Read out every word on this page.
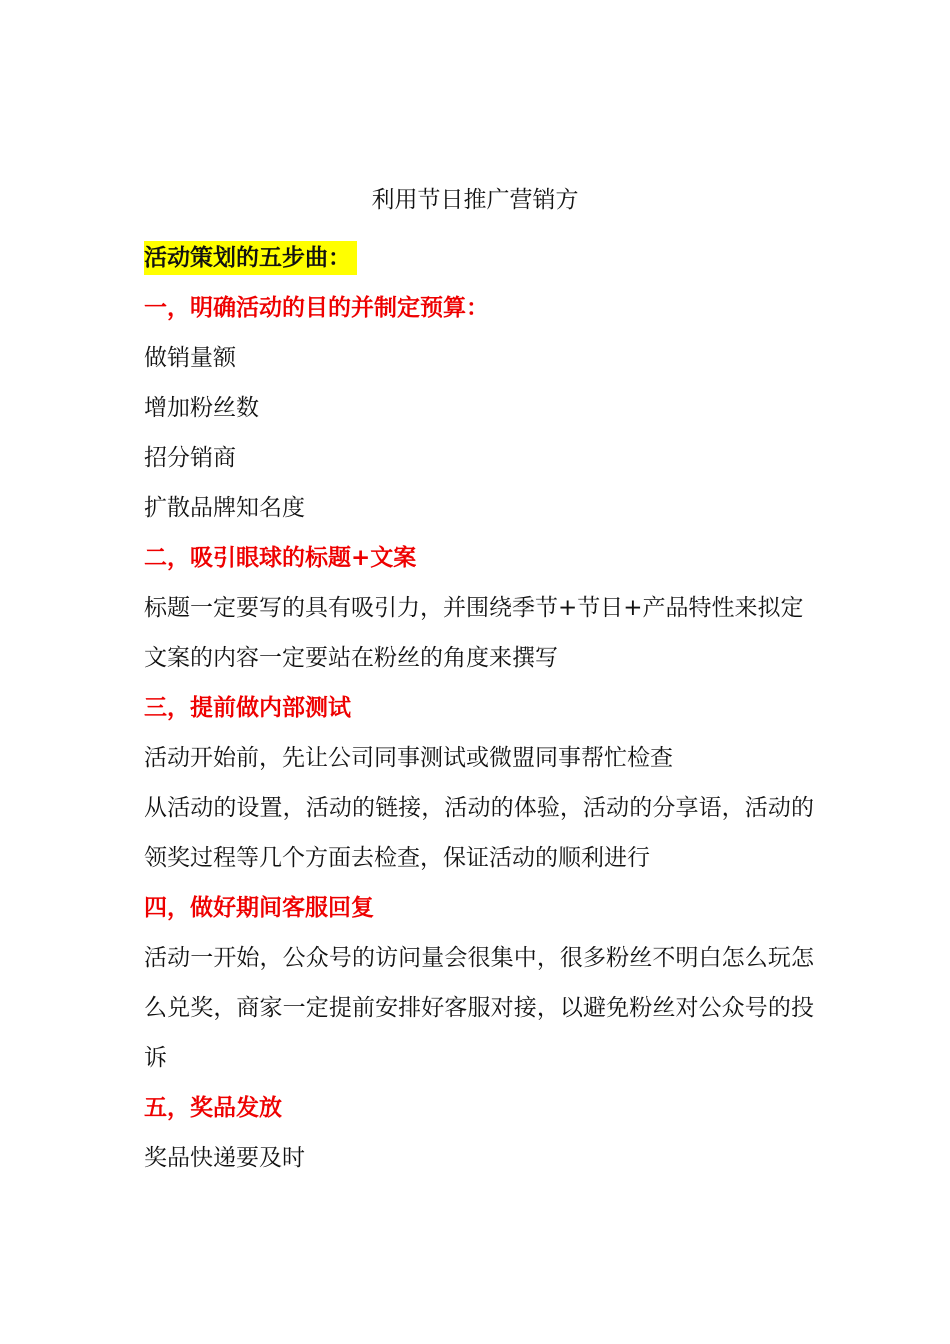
利用节日推广营销方
活动策划的五步曲：
一，明确活动的目的并制定预算：
做销量额
增加粉丝数
招分销商
扩散品牌知名度
二，吸引眼球的标题+文案
标题一定要写的具有吸引力，并围绕季节+节日+产品特性来拟定
文案的内容一定要站在粉丝的角度来撰写
三，提前做内部测试
活动开始前，先让公司同事测试或微盟同事帮忙检查
从活动的设置，活动的链接，活动的体验，活动的分享语，活动的领奖过程等几个方面去检查，保证活动的顺利进行
四，做好期间客服回复
活动一开始，公众号的访问量会很集中，很多粉丝不明白怎么玩怎么兑奖，商家一定提前安排好客服对接，以避免粉丝对公众号的投诉
五，奖品发放
奖品快递要及时
